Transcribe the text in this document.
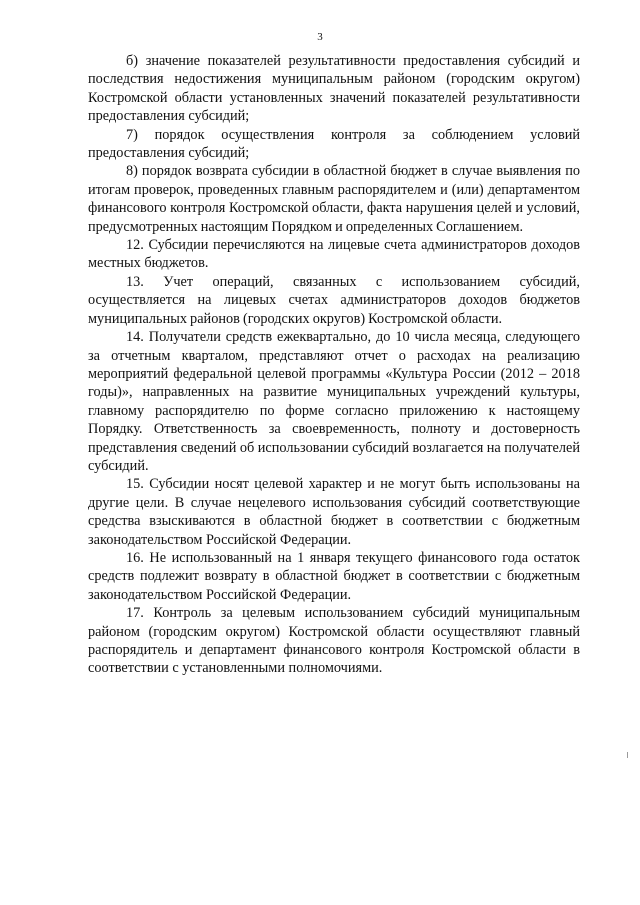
3

б) значение показателей результативности предоставления субсидий и последствия недостижения муниципальным районом (городским округом) Костромской области установленных значений показателей результативности предоставления субсидий;

7) порядок осуществления контроля за соблюдением условий предоставления субсидий;

8) порядок возврата субсидии в областной бюджет в случае выявления по итогам проверок, проведенных главным распорядителем и (или) департаментом финансового контроля Костромской области, факта нарушения целей и условий, предусмотренных настоящим Порядком и определенных Соглашением.

12. Субсидии перечисляются на лицевые счета администраторов доходов местных бюджетов.

13. Учет операций, связанных с использованием субсидий, осуществляется на лицевых счетах администраторов доходов бюджетов муниципальных районов (городских округов) Костромской области.

14. Получатели средств ежеквартально, до 10 числа месяца, следующего за отчетным кварталом, представляют отчет о расходах на реализацию мероприятий федеральной целевой программы «Культура России (2012 – 2018 годы)», направленных на развитие муниципальных учреждений культуры, главному распорядителю по форме согласно приложению к настоящему Порядку. Ответственность за своевременность, полноту и достоверность представления сведений об использовании субсидий возлагается на получателей субсидий.

15. Субсидии носят целевой характер и не могут быть использованы на другие цели. В случае нецелевого использования субсидий соответствующие средства взыскиваются в областной бюджет в соответствии с бюджетным законодательством Российской Федерации.

16. Не использованный на 1 января текущего финансового года остаток средств подлежит возврату в областной бюджет в соответствии с бюджетным законодательством Российской Федерации.

17. Контроль за целевым использованием субсидий муниципальным районом (городским округом) Костромской области осуществляют главный распорядитель и департамент финансового контроля Костромской области в соответствии с установленными полномочиями.
